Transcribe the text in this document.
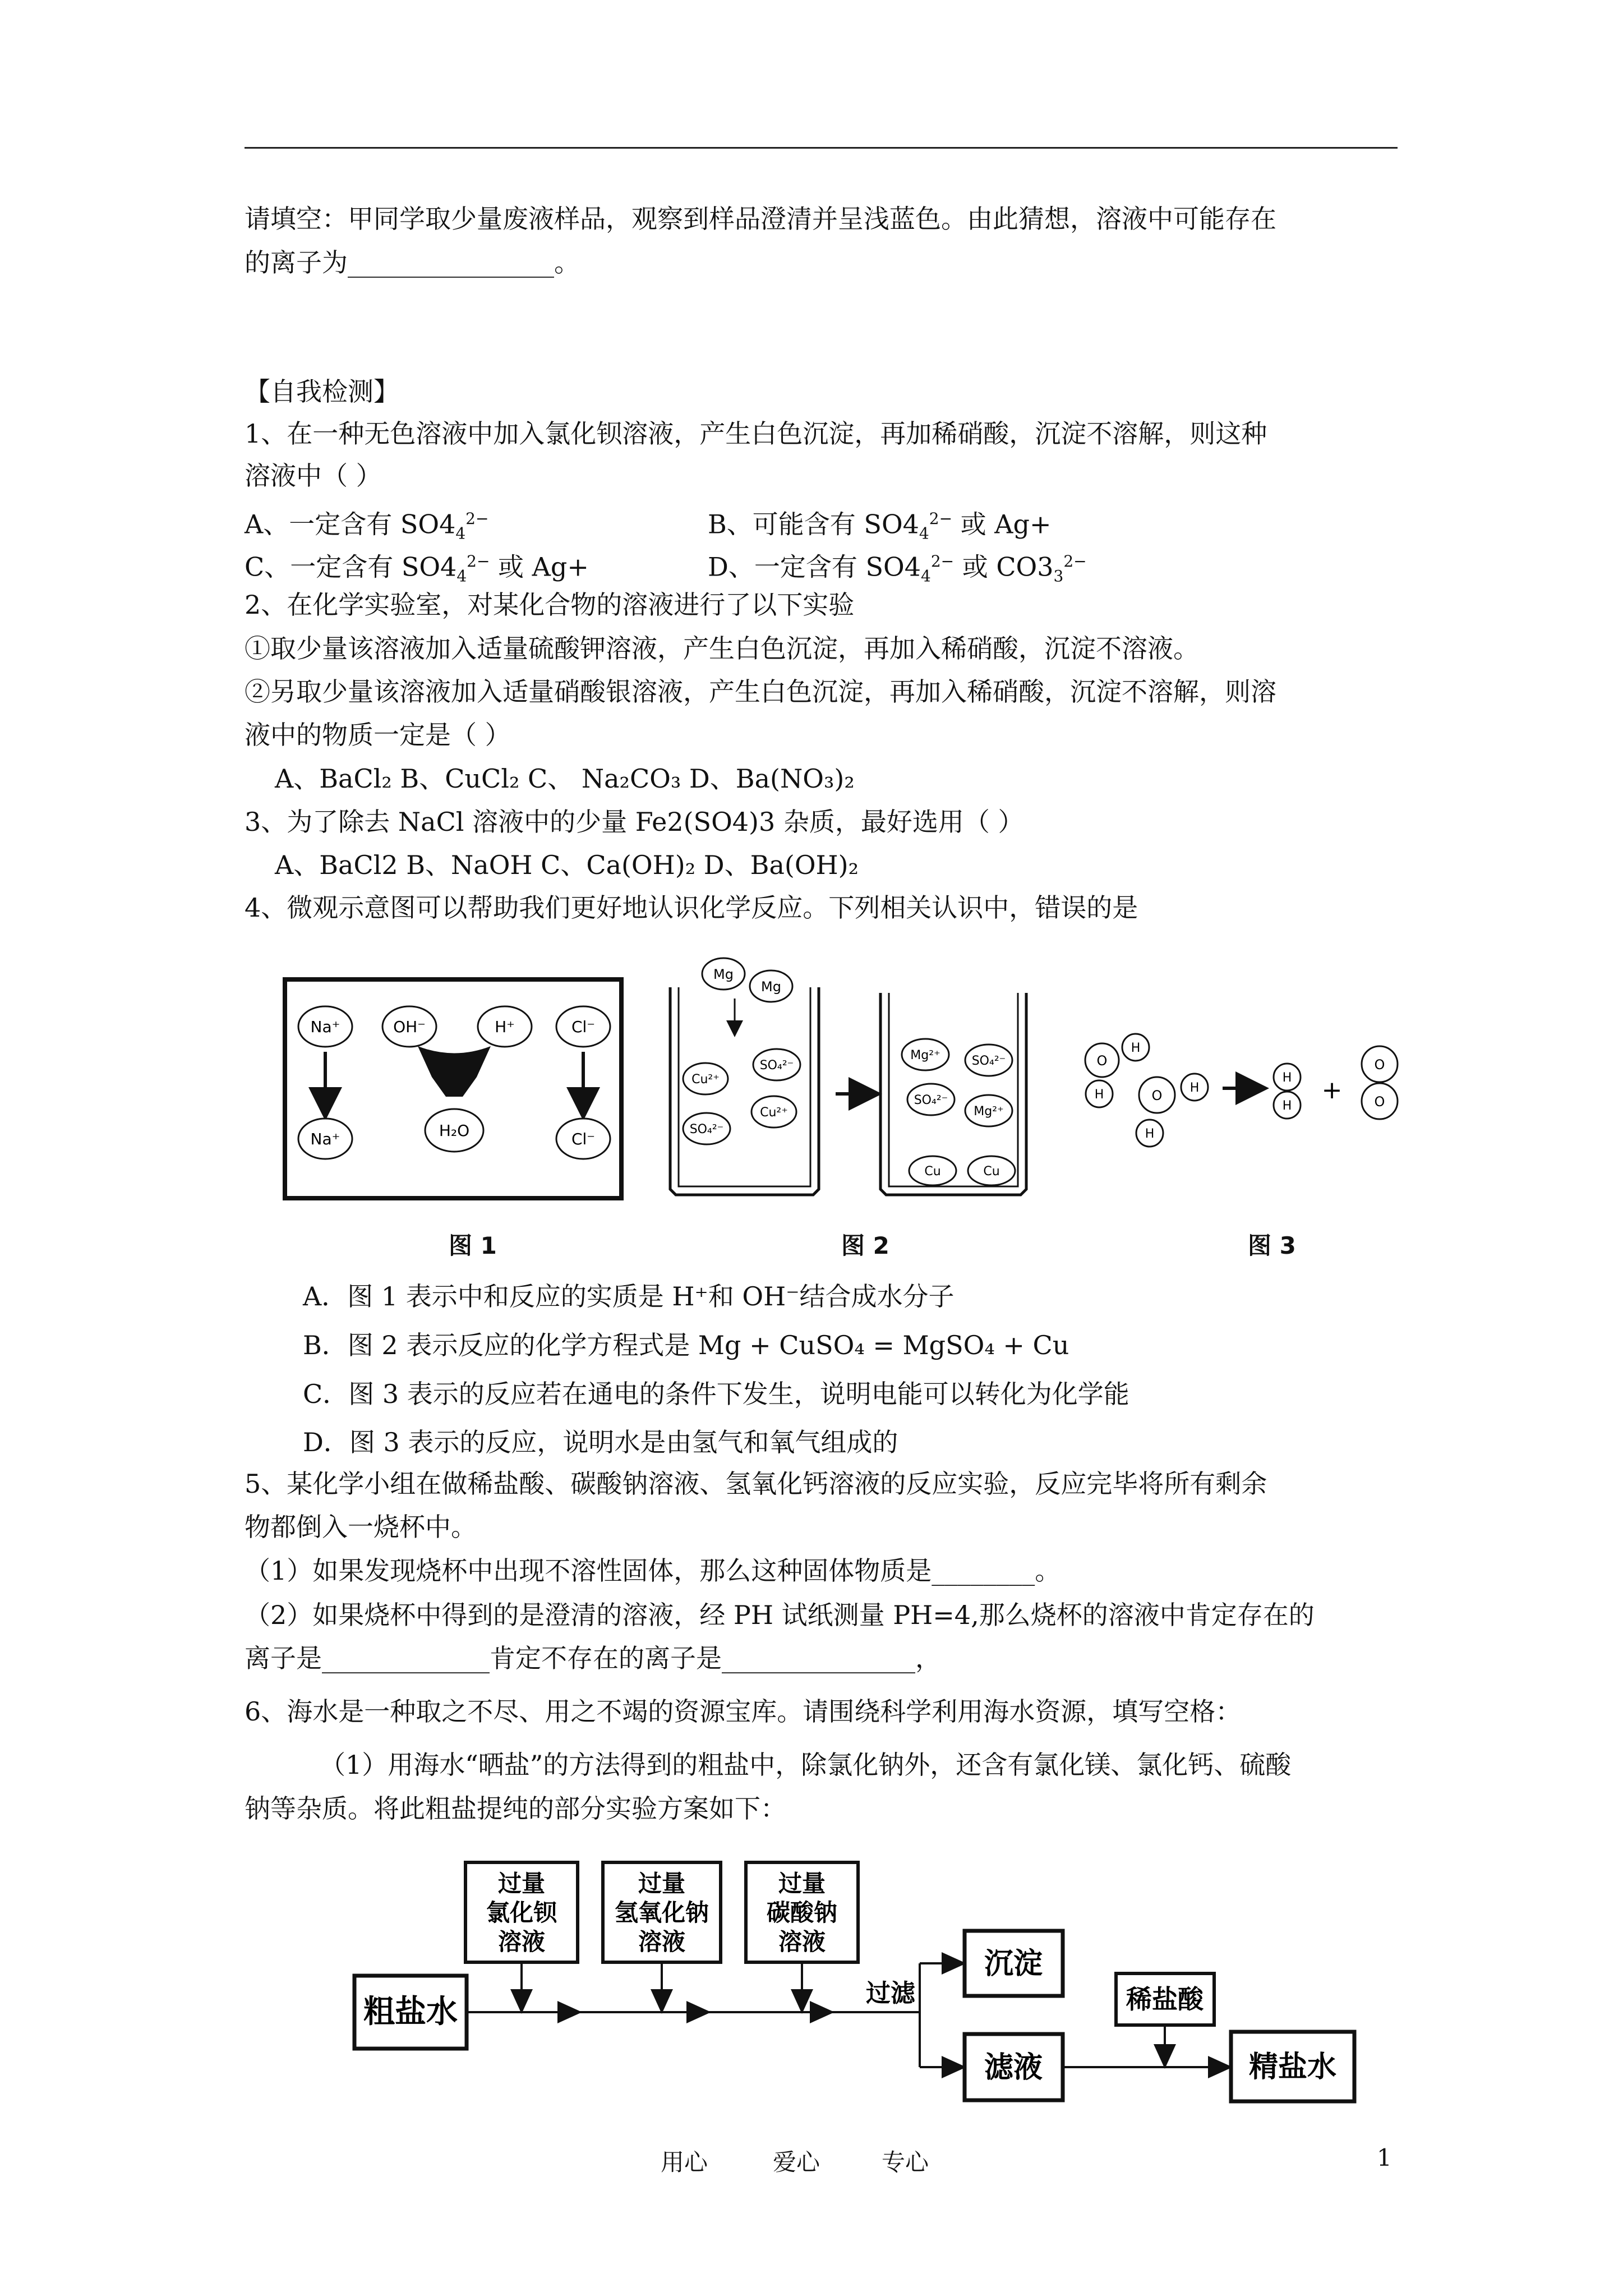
请填空：甲同学取少量废液样品，观察到样品澄清并呈浅蓝色。由此猜想，溶液中可能存在
的离子为________________。
【自我检测】
1、在一种无色溶液中加入氯化钡溶液，产生白色沉淀，再加稀硝酸，沉淀不溶解，则这种
溶液中（ ）
A、一定含有 $SO4_4^{2-}$	B、可能含有 $SO4_4^{2-}$ 或 Ag+
C、一定含有 $SO4_4^{2-}$ 或 Ag+	D、一定含有 $SO4_4^{2-}$ 或 $CO3_3^{2-}$
2、在化学实验室，对某化合物的溶液进行了以下实验
①取少量该溶液加入适量硫酸钾溶液，产生白色沉淀，再加入稀硝酸，沉淀不溶液。
②另取少量该溶液加入适量硝酸银溶液，产生白色沉淀，再加入稀硝酸，沉淀不溶解，则溶
液中的物质一定是（ ）
A、BaCl₂ B、CuCl₂ C、 Na₂CO₃ D、Ba(NO₃)₂
3、为了除去 NaCl 溶液中的少量 Fe2(SO4)3 杂质，最好选用（ ）
A、BaCl2 B、NaOH C、Ca(OH)₂ D、Ba(OH)₂
4、微观示意图可以帮助我们更好地认识化学反应。下列相关认识中，错误的是
Na⁺	OH⁻	H⁺	Cl⁻
Na⁺	H₂O	Cl⁻
Mg
Mg
Cu²⁺
SO₄²⁻
Cu²⁺
SO₄²⁻
Mg²⁺	SO₄²⁻
SO₄²⁻
Mg²⁺
Cu	Cu
O
H
H	O H
H
H
H
+
O
O
图 1	图 2	图 3
A．图 1 表示中和反应的实质是 H⁺和 OH⁻结合成水分子
B．图 2 表示反应的化学方程式是 Mg + CuSO₄ = MgSO₄ + Cu
C．图 3 表示的反应若在通电的条件下发生，说明电能可以转化为化学能
D．图 3 表示的反应，说明水是由氢气和氧气组成的
5、某化学小组在做稀盐酸、碳酸钠溶液、氢氧化钙溶液的反应实验，反应完毕将所有剩余
物都倒入一烧杯中。
（1）如果发现烧杯中出现不溶性固体，那么这种固体物质是________。
（2）如果烧杯中得到的是澄清的溶液，经 PH 试纸测量 PH=4,那么烧杯的溶液中肯定存在的
离子是_____________肯定不存在的离子是_______________，
6、海水是一种取之不尽、用之不竭的资源宝库。请围绕科学利用海水资源，填写空格：
（1）用海水“晒盐”的方法得到的粗盐中，除氯化钠外，还含有氯化镁、氯化钙、硫酸
钠等杂质。将此粗盐提纯的部分实验方案如下：
粗盐水
过量
氯化钡
溶液
过量
氢氧化钠
溶液
过量
碳酸钠
溶液
过滤
沉淀
滤液
稀盐酸
精盐水
用心	爱心	专心	1
